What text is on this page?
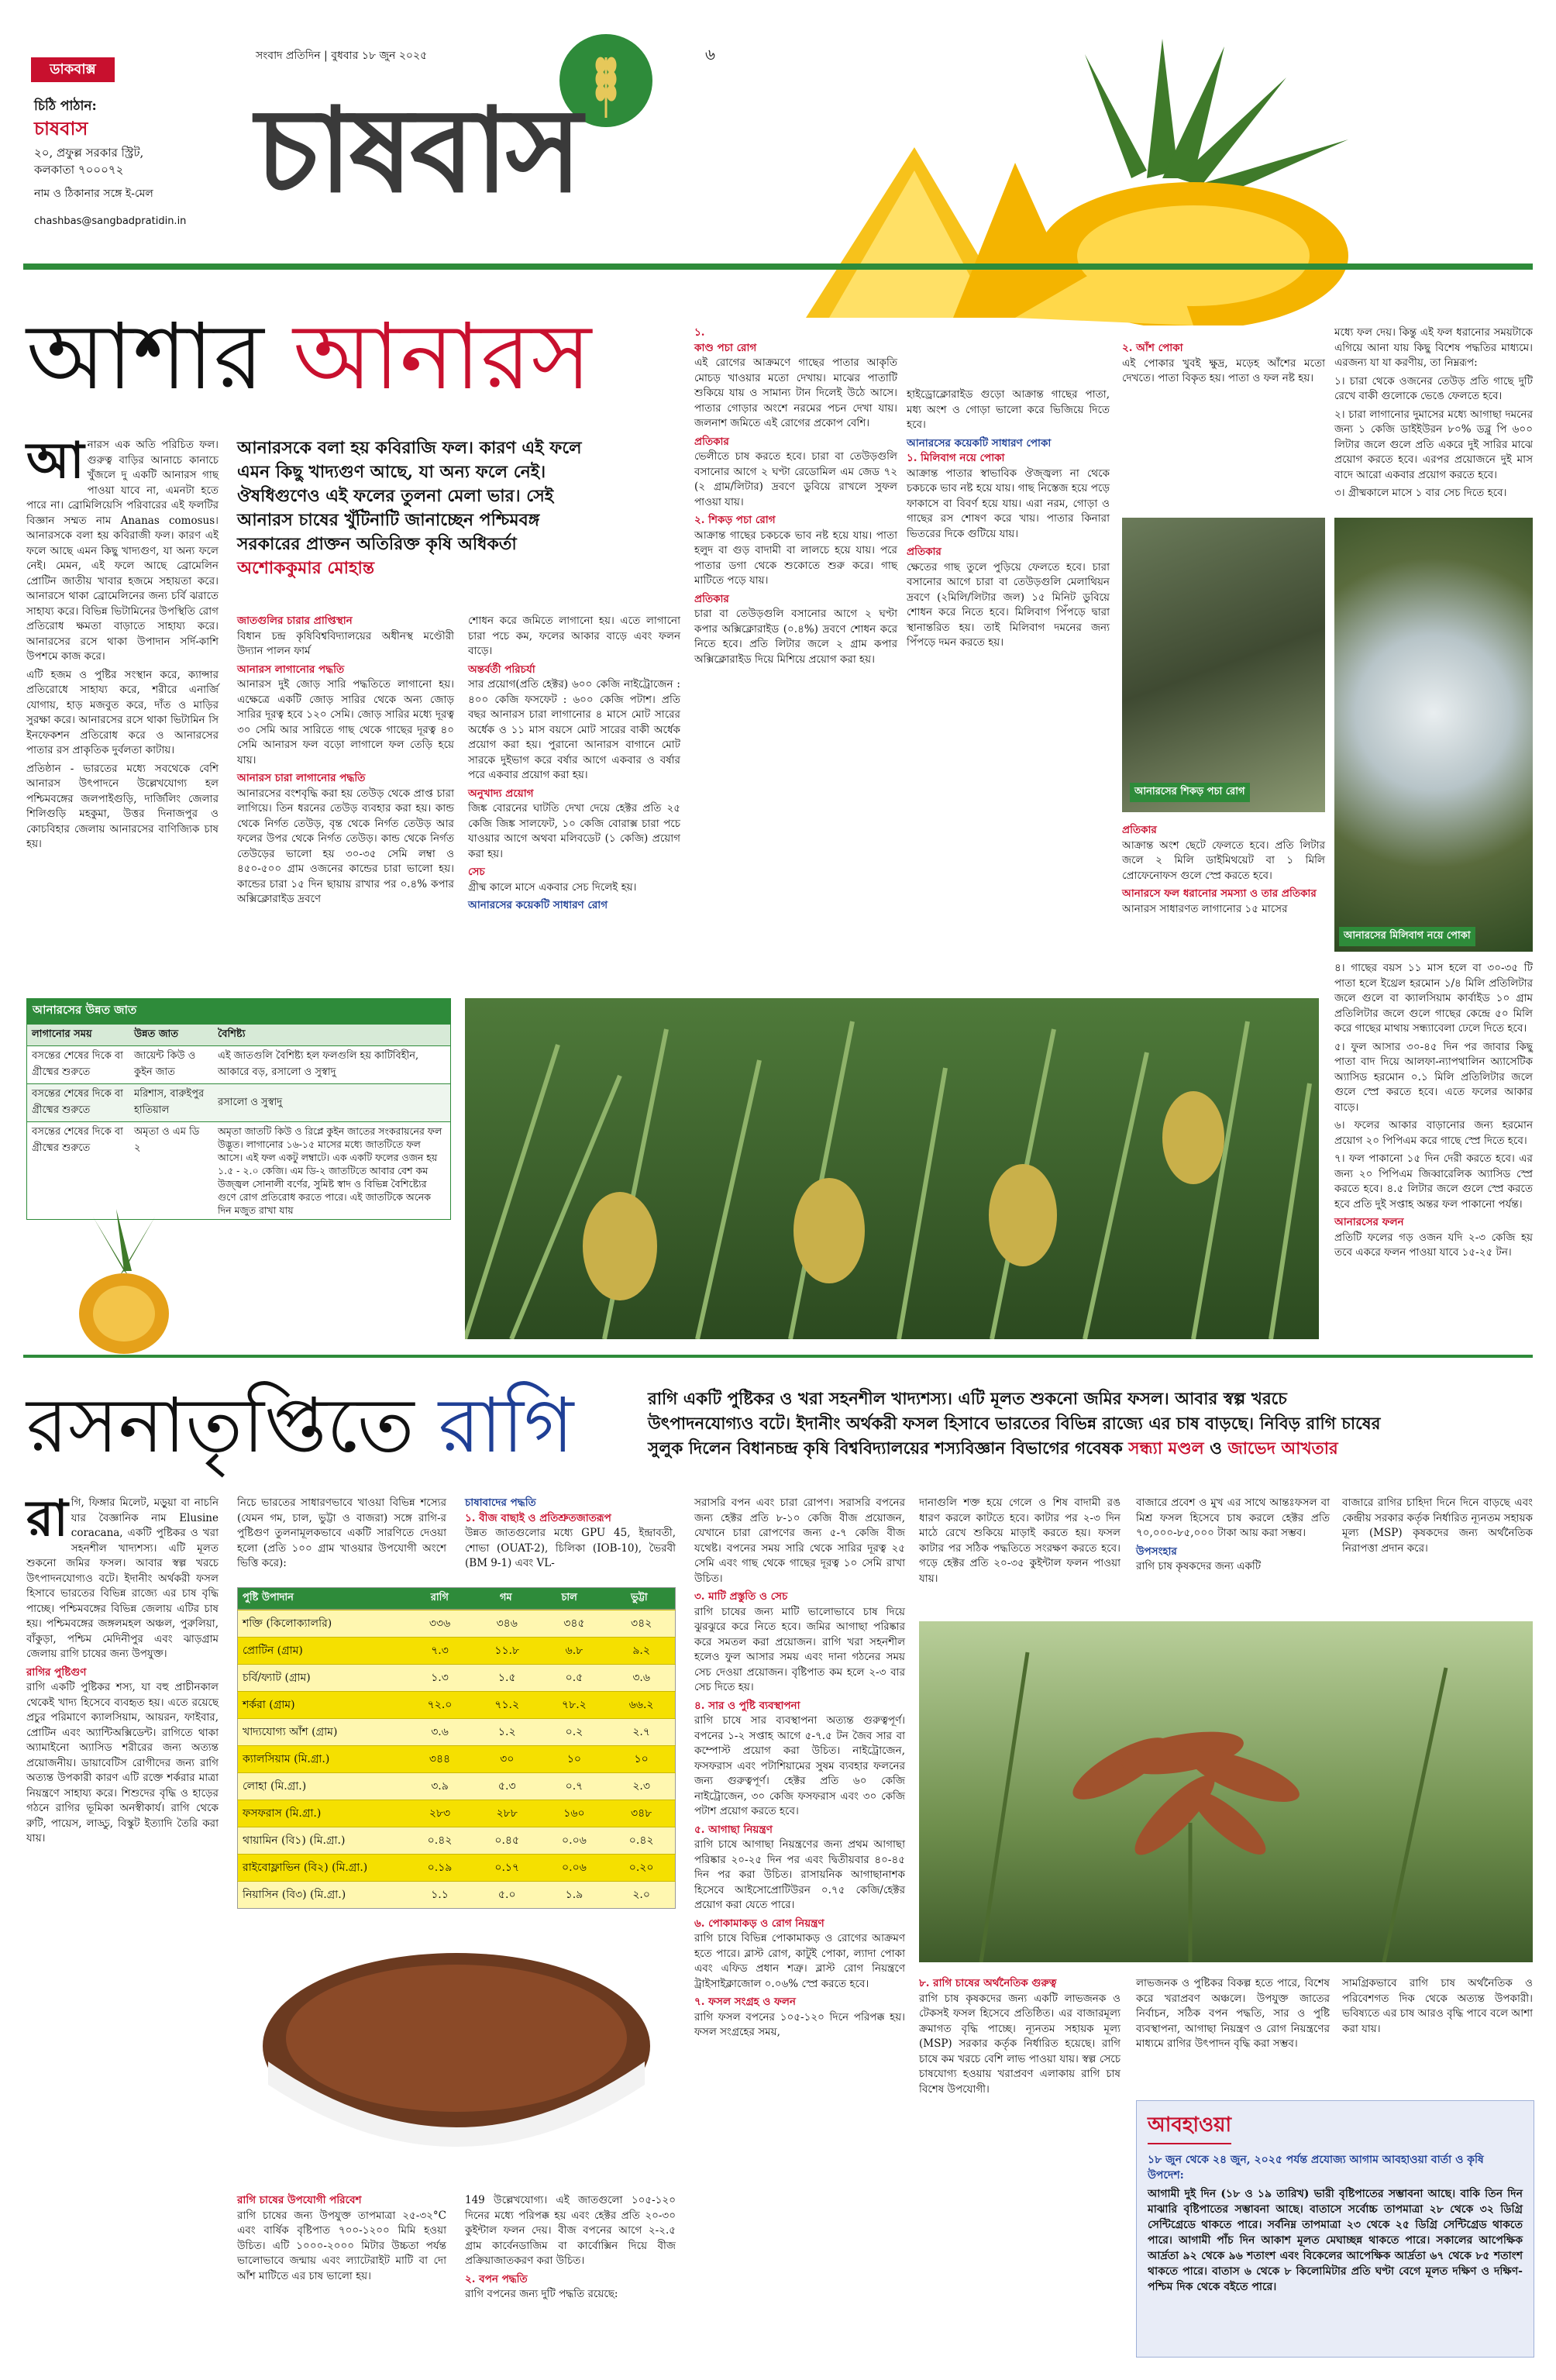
ডাকবাক্স
চিঠি পাঠান:
চাষবাস
২০, প্রফুল্ল সরকার স্ট্রিট,
কলকাতা ৭০০০৭২
নাম ও ঠিকানার সঙ্গে ই-মেল
chashbas@sangbadpratidin.in
সংবাদ প্রতিদিন | বুধবার ১৮ জুন ২০২৫	৬
চাষবাস
আশার আনারস
আনারসকে বলা হয় কবিরাজি ফল। কারণ এই ফলে
এমন কিছু খাদ্যগুণ আছে, যা অন্য ফলে নেই।
ঔষধিগুণেও এই ফলের তুলনা মেলা ভার। সেই
আনারস চাষের খুঁটিনাটি জানাচ্ছেন পশ্চিমবঙ্গ
সরকারের প্রাক্তন অতিরিক্ত কৃষি অধিকর্তা
অশোককুমার মোহান্ত
আ নারস এক অতি পরিচিত ফল। গুরুত্ব বাড়ির আনাচে কানাচে খুঁজলে দু একটি আনারস গাছ পাওয়া যাবে না, এমনটা হতে পারে না। ব্রোমিলিয়েসি পরিবারের এই ফলটির বিজ্ঞান সম্মত নাম Ananas comosus। আনারসকে বলা হয় কবিরাজী ফল। কারণ এই ফলে আছে এমন কিছু খাদ্যগুণ, যা অন্য ফলে নেই। মেমন, এই ফলে আছে ব্রোমেলিন প্রোটিন জাতীয় খাবার হজমে সহায়তা করে। আনারসে থাকা ব্রোমেলিনের জন্য চর্বি ঝরাতে সাহায্য করে। বিভিন্ন ভিটামিনের উপস্থিতি রোগ প্রতিরোধ ক্ষমতা বাড়াতে সাহায্য করে। আনারসের রসে থাকা উপাদান সর্দি-কাশি উপশমে কাজ করে।

এটি হজম ও পুষ্টির সংস্থান করে, ক্যান্সার প্রতিরোধে সাহায্য করে, শরীরে এনার্জি যোগায়, হাড় মজবুত করে, দাঁত ও মাড়ির সুরক্ষা করে। আনারসের রসে থাকা ভিটামিন সি ইনফেকশন প্রতিরোধ করে ও আনারসের পাতার রস প্রাকৃতিক দুর্বলতা কাটায়।

প্রতিষ্ঠান - ভারতের মধ্যে সবথেকে বেশি আনারস উৎপাদনে উল্লেখযোগ্য হল পশ্চিমবঙ্গের জলপাইগুড়ি, দার্জিলিং জেলার শিলিগুড়ি মহকুমা, উত্তর দিনাজপুর ও কোচবিহার জেলায় আনারসের বাণিজ্যিক চাষ হয়।

জাতগুলির চারার প্রাপ্তিস্থান

বিধান চন্দ্র কৃষিবিশ্ববিদ্যালয়ের অধীনস্থ মণ্ডৌরী উদ্যান পালন ফার্ম

আনারস লাগানোর পদ্ধতি

আনারস দুই জোড় সারি পদ্ধতিতে লাগানো হয়। এক্ষেত্রে একটি জোড় সারির থেকে অন্য জোড় সারির দূরত্ব হবে ১২০ সেমি। জোড় সারির মধ্যে দূরত্ব ৩০ সেমি আর সারিতে গাছ থেকে গাছের দূরত্ব ৪০ সেমি আনারস ফল বড়ো লাগালে ফল তেড়ি হয়ে যায়।

আনারস চারা লাগানোর পদ্ধতি

আনারসের বংশবৃদ্ধি করা হয় তেউড় থেকে প্রাপ্ত চারা লাগিয়ে। তিন ধরনের তেউড় ব্যবহার করা হয়। কান্ড থেকে নির্গত তেউড়, বৃন্ত থেকে নির্গত তেউড় আর ফলের উপর থেকে নির্গত তেউড়। কান্ড থেকে নির্গত তেউড়ের ভালো হয় ৩০-৩৫ সেমি লম্বা ও ৪৫০-৫০০ গ্রাম ওজনের কান্ডের চারা ভালো হয়। কান্ডের চারা ১৫ দিন ছায়ায় রাখার পর ০.৪% কপার অক্সিক্লোরাইড দ্রবণে

শোধন করে জমিতে লাগানো হয়। এতে লাগানো চারা পচে কম, ফলের আকার বাড়ে এবং ফলন বাড়ে।

অন্তর্বর্তী পরিচর্যা

সার প্রয়োগ(প্রতি হেক্টর) ৬০০ কেজি নাইট্রোজেন : ৪০০ কেজি ফসফেট : ৬০০ কেজি পটাশ। প্রতি বছর আনারস চারা লাগানোর ৪ মাসে মোট সারের অর্ধেক ও ১১ মাস বয়সে মোট সারের বাকী অর্ধেক প্রয়োগ করা হয়। পুরানো আনারস বাগানে মোট সারকে দুইভাগ করে বর্ষার আগে একবার ও বর্ষার পরে একবার প্রয়োগ করা হয়।

অনুখাদ্য প্রয়োগ

জিঙ্ক বোরনের ঘাটতি দেখা দেয়ে হেক্টর প্রতি ২৫ কেজি জিঙ্ক সালফেট, ১০ কেজি বোরাক্স চারা পচে যাওয়ার আগে অথবা মলিবডেট (১ কেজি) প্রয়োগ করা হয়।

সেচ

গ্রীষ্ম কালে মাসে একবার সেচ দিলেই হয়।

আনারসের কয়েকটি সাধারণ রোগ
১.
কাণ্ড পচা রোগ

এই রোগের আক্রমণে গাছের পাতার আকৃতি মোচড় খাওয়ার মতো দেখায়। মাঝের পাতাটি শুকিয়ে যায় ও সামান্য টান দিলেই উঠে আসে। পাতার গোড়ার অংশে নরমের পচন দেখা যায়। জলনাশ জমিতে এই রোগের প্রকোপ বেশি।

প্রতিকার

ভেলীতে চাষ করতে হবে। চারা বা তেউড়গুলি বসানোর আগে ২ ঘণ্টা রেডোমিল এম জেড ৭২ (২ গ্রাম/লিটার) দ্রবণে ডুবিয়ে রাখলে সুফল পাওয়া যায়।

২. শিকড় পচা রোগ

আক্রান্ত গাছের চকচকে ভাব নষ্ট হয়ে যায়। পাতা হলুদ বা গুড় বাদামী বা লালচে হয়ে যায়। পরে পাতার ডগা থেকে শুকোতে শুরু করে। গাছ মাটিতে পড়ে যায়।

প্রতিকার

চারা বা তেউড়গুলি বসানোর আগে ২ ঘণ্টা কপার অক্সিক্লোরাইড (০.৪%) দ্রবণে শোধন করে নিতে হবে। প্রতি লিটার জলে ২ গ্রাম কপার অক্সিক্লোরাইড দিয়ে মিশিয়ে প্রয়োগ করা হয়।

হাইড্রোক্লোরাইড গুড়ো আক্রান্ত গাছের পাতা, মধ্য অংশ ও গোড়া ভালো করে ভিজিয়ে দিতে হবে।

আনারসের কয়েকটি সাধারণ পোকা
১. মিলিবাগ নয়ে পোকা

আক্রান্ত পাতার স্বাভাবিক ঔজ্জ্বল্য না থেকে চকচকে ভাব নষ্ট হয়ে যায়। গাছ নিস্তেজ হয়ে পড়ে ফাকাসে বা বিবর্ণ হয়ে যায়। এরা নরম, গোড়া ও গাছের রস শোষণ করে খায়। পাতার কিনারা ভিতরের দিকে গুটিয়ে যায়।

প্রতিকার

ক্ষেতের গাছ তুলে পুড়িয়ে ফেলতে হবে। চারা বসানোর আগে চারা বা তেউড়গুলি মেলাথিয়ন দ্রবণে (২মিলি/লিটার জল) ১৫ মিনিট ডুবিয়ে শোধন করে নিতে হবে। মিলিবাগ পিঁপড়ে দ্বারা স্থানান্তরিত হয়। তাই মিলিবাগ দমনের জন্য পিঁপড়ে দমন করতে হয়।

২. আঁশ পোকা

এই পোকার খুবই ক্ষুদ্র, মড়েহ আঁশের মতো দেখতে। পাতা বিকৃত হয়। পাতা ও ফল নষ্ট হয়।

আনারসের শিকড় পচা রোগ
আনারসের মিলিবাগ নয়ে পোকা
প্রতিকার

আক্রান্ত অংশ ছেটে ফেলতে হবে। প্রতি লিটার জলে ২ মিলি ডাইমিথয়েট বা ১ মিলি প্রোফেনোফস গুলে স্প্রে করতে হবে।

আনারসে ফল ধরানোর সমস্যা ও তার প্রতিকার

আনারস সাধারণত লাগানোর ১৫ মাসের

মধ্যে ফল দেয়। কিন্তু এই ফল ধরানোর সময়টাকে এগিয়ে আনা যায় কিছু বিশেষ পদ্ধতির মাধ্যমে। এরজন্য যা যা করণীয়, তা নিম্নরূপ:

১। চারা থেকে ওজনের তেউড় প্রতি গাছে দুটি রেখে বাকী গুলোকে ভেঙে ফেলতে হবে।

২। চারা লাগানোর দুমাসের মধ্যে আগাছা দমনের জন্য ১ কেজি ডাইইউরন ৮০% ডব্লু পি ৬০০ লিটার জলে গুলে প্রতি একরে দুই সারির মাঝে প্রয়োগ করতে হবে। এরপর প্রয়োজনে দুই মাস বাদে আরো একবার প্রয়োগ করতে হবে।

৩। গ্রীষ্মকালে মাসে ১ বার সেচ দিতে হবে।

৪। গাছের বয়স ১১ মাস হলে বা ৩০-৩৫ টি পাতা হলে ইথ্রেল হরমোন ১/৪ মিলি প্রতিলিটার জলে গুলে বা ক্যালসিয়াম কার্বাইড ১০ গ্রাম প্রতিলিটার জলে গুলে গাছের কেন্দ্রে ৫০ মিলি করে গাছের মাথায় সন্ধ্যাবেলা ঢেলে দিতে হবে।

৫। ফুল আসার ৩০-৪৫ দিন পর জাবার কিছু পাতা বাদ দিয়ে আলফা-ন্যাপথালিন অ্যাসেটিক অ্যাসিড হরমোন ০.১ মিলি প্রতিলিটার জলে গুলে স্প্রে করতে হবে। এতে ফলের আকার বাড়ে।

৬। ফলের আকার বাড়ানোর জন্য হরমোন প্রয়োগ ২০ পিপিএম করে গাছে স্প্রে দিতে হবে।

৭। ফল পাকানো ১৫ দিন দেরী করতে হবে। এর জন্য ২০ পিপিএম জিব্বারেলিক অ্যাসিড স্প্রে করতে হবে। ৪.৫ লিটার জলে গুলে স্প্রে করতে হবে প্রতি দুই সপ্তাহ অন্তর ফল পাকানো পর্যন্ত।

আনারসের ফলন

প্রতিটি ফলের গড় ওজন যদি ২-৩ কেজি হয় তবে একরে ফলন পাওয়া যাবে ১৫-২৫ টন।

আনারসের উন্নত জাত
লাগানোর সময়	উন্নত জাত	বৈশিষ্ট্য
বসন্তের শেষের দিকে বা গ্রীষ্মের শুরুতে	জায়েন্ট কিউ ও কুইন জাত	এই জাতগুলি বৈশিষ্ট্য হল ফলগুলি হয় কাটিবিহীন, আকারে বড়, রসালো ও সুস্বাদু
বসন্তের শেষের দিকে বা গ্রীষ্মের শুরুতে	মরিশাস, বারুইপুর হাতিয়াল	রসালো ও সুস্বাদু
বসন্তের শেষের দিকে বা গ্রীষ্মের শুরুতে	অমৃতা ও এম ডি ২	অমৃতা জাতটি কিউ ও রিপ্লে কুইন জাতের সংকরায়নের ফল উদ্ভূত। লাগানোর ১৬-১৫ মাসের মধ্যে জাতটিতে ফল আসে। এই ফল একটু লম্বাটে। এক একটি ফলের ওজন হয় ১.৫ - ২.০ কেজি। এম ডি-২ জাতটিতে আবার বেশ কম উজ্জ্বল সোনালী বর্ণের, সুমিষ্ট স্বাদ ও বিভিন্ন বৈশিষ্ট্যের গুণে রোগ প্রতিরোধ করতে পারে। এই জাতটিকে অনেক দিন মজুত রাখা যায়
রসনাতৃপ্তিতে রাগি	রাগি একটি পুষ্টিকর ও খরা সহনশীল খাদ্যশস্য। এটি মূলত শুকনো জমির ফসল। আবার স্বল্প খরচে
উৎপাদনযোগ্যও বটে। ইদানীং অর্থকরী ফসল হিসাবে ভারতের বিভিন্ন রাজ্যে এর চাষ বাড়ছে। নিবিড় রাগি চাষের
সুলুক দিলেন বিধানচন্দ্র কৃষি বিশ্ববিদ্যালয়ের শস্যবিজ্ঞান বিভাগের গবেষক সন্ধ্যা মণ্ডল ও জাভেদ আখতার
রা গি, ফিঙ্গার মিলেট, মড়ুয়া বা নাচনি যার বৈজ্ঞানিক নাম Elusine coracana, একটি পুষ্টিকর ও খরা সহনশীল খাদ্যশস্য। এটি মূলত শুকনো জমির ফসল। আবার স্বল্প খরচে উৎপাদনযোগ্যও বটে। ইদানীং অর্থকরী ফসল হিসাবে ভারতের বিভিন্ন রাজ্যে এর চাষ বৃদ্ধি পাচ্ছে। পশ্চিমবঙ্গের বিভিন্ন জেলায় এটির চাষ হয়। পশ্চিমবঙ্গের জঙ্গলমহল অঞ্চল, পুরুলিয়া, বাঁকুড়া, পশ্চিম মেদিনীপুর এবং ঝাড়গ্রাম জেলায় রাগি চাষের জন্য উপযুক্ত।

রাগির পুষ্টিগুণ

রাগি একটি পুষ্টিকর শস্য, যা বহু প্রাচীনকাল থেকেই খাদ্য হিসেবে ব্যবহৃত হয়। এতে রয়েছে প্রচুর পরিমাণে ক্যালসিয়াম, আয়রন, ফাইবার, প্রোটিন এবং অ্যান্টিঅক্সিডেন্ট। রাগিতে থাকা অ্যামাইনো অ্যাসিড শরীরের জন্য অত্যন্ত প্রয়োজনীয়। ডায়াবেটিস রোগীদের জন্য রাগি অত্যন্ত উপকারী কারণ এটি রক্তে শর্করার মাত্রা নিয়ন্ত্রণে সাহায্য করে। শিশুদের বৃদ্ধি ও হাড়ের গঠনে রাগির ভূমিকা অনস্বীকার্য। রাগি থেকে রুটি, পায়েস, লাড্ডু, বিস্কুট ইত্যাদি তৈরি করা যায়।

নিচে ভারতের সাধারণভাবে খাওয়া বিভিন্ন শস্যের (যেমন গম, চাল, ভুট্টা ও বাজরা) সঙ্গে রাগি-র পুষ্টিগুণ তুলনামূলকভাবে একটি সারণিতে দেওয়া হলো (প্রতি ১০০ গ্রাম খাওয়ার উপযোগী অংশে ভিত্তি করে):

পুষ্টি উপাদান	রাগি	গম	চাল	ভুট্টা
শক্তি (কিলোক্যালরি)	৩৩৬	৩৪৬	৩৪৫	৩৪২
প্রোটিন (গ্রাম)	৭.৩	১১.৮	৬.৮	৯.২
চর্বি/ফ্যাট (গ্রাম)	১.৩	১.৫	০.৫	৩.৬
শর্করা (গ্রাম)	৭২.০	৭১.২	৭৮.২	৬৬.২
খাদ্যযোগ্য আঁশ (গ্রাম)	৩.৬	১.২	০.২	২.৭
ক্যালসিয়াম (মি.গ্রা.)	৩৪৪	৩০	১০	১০
লোহা (মি.গ্রা.)	৩.৯	৫.৩	০.৭	২.৩
ফসফরাস (মি.গ্রা.)	২৮৩	২৮৮	১৬০	৩৪৮
থায়ামিন (বি১) (মি.গ্রা.)	০.৪২	০.৪৫	০.০৬	০.৪২
রাইবোফ্লাভিন (বি২) (মি.গ্রা.)	০.১৯	০.১৭	০.০৬	০.২০
নিয়াসিন (বি৩) (মি.গ্রা.)	১.১	৫.০	১.৯	২.০
রাগি চাষের উপযোগী পরিবেশ

রাগি চাষের জন্য উপযুক্ত তাপমাত্রা ২৫-৩২°C এবং বার্ষিক বৃষ্টিপাত ৭০০-১২০০ মিমি হওয়া উচিত। এটি ১০০০-২০০০ মিটার উচ্চতা পর্যন্ত ভালোভাবে জন্মায় এবং ল্যাটেরাইট মাটি বা দো আঁশ মাটিতে এর চাষ ভালো হয়।

চাষাবাদের পদ্ধতি
১. বীজ বাছাই ও প্রতিশ্রুতজাতরূপ

উন্নত জাতগুলোর মধ্যে GPU 45, ইন্দ্রাবতী, শোভা (OUAT-2), চিলিকা (IOB-10), ভৈরবী (BM 9-1) এবং VL-

149 উল্লেখযোগ্য। এই জাতগুলো ১০৫-১২০ দিনের মধ্যে পরিপক্ক হয় এবং হেক্টর প্রতি ২০-৩০ কুইন্টাল ফলন দেয়। বীজ বপনের আগে ২-২.৫ গ্রাম কার্বেনডাজিম বা কার্বোক্সিন দিয়ে বীজ প্রক্রিয়াজাতকরণ করা উচিত।

২. বপন পদ্ধতি

রাগি বপনের জন্য দুটি পদ্ধতি রয়েছে:

সরাসরি বপন এবং চারা রোপণ। সরাসরি বপনের জন্য হেক্টর প্রতি ৮-১০ কেজি বীজ প্রয়োজন, যেখানে চারা রোপণের জন্য ৫-৭ কেজি বীজ যথেষ্ট। বপনের সময় সারি থেকে সারির দূরত্ব ২৫ সেমি এবং গাছ থেকে গাছের দূরত্ব ১০ সেমি রাখা উচিত।

৩. মাটি প্রস্তুতি ও সেচ

রাগি চাষের জন্য মাটি ভালোভাবে চাষ দিয়ে ঝুরঝুরে করে নিতে হবে। জমির আগাছা পরিষ্কার করে সমতল করা প্রয়োজন। রাগি খরা সহনশীল হলেও ফুল আসার সময় এবং দানা গঠনের সময় সেচ দেওয়া প্রয়োজন। বৃষ্টিপাত কম হলে ২-৩ বার সেচ দিতে হয়।

৪. সার ও পুষ্টি ব্যবস্থাপনা

রাগি চাষে সার ব্যবস্থাপনা অত্যন্ত গুরুত্বপূর্ণ। বপনের ১-২ সপ্তাহ আগে ৫-৭.৫ টন জৈব সার বা কম্পোস্ট প্রয়োগ করা উচিত। নাইট্রোজেন, ফসফরাস এবং পটাশিয়ামের সুষম ব্যবহার ফলনের জন্য গুরুত্বপূর্ণ। হেক্টর প্রতি ৬০ কেজি নাইট্রোজেন, ৩০ কেজি ফসফরাস এবং ৩০ কেজি পটাশ প্রয়োগ করতে হবে।

৫. আগাছা নিয়ন্ত্রণ

রাগি চাষে আগাছা নিয়ন্ত্রণের জন্য প্রথম আগাছা পরিষ্কার ২০-২৫ দিন পর এবং দ্বিতীয়বার ৪০-৪৫ দিন পর করা উচিত। রাসায়নিক আগাছানাশক হিসেবে আইসোপ্রোটিউরন ০.৭৫ কেজি/হেক্টর প্রয়োগ করা যেতে পারে।

৬. পোকামাকড় ও রোগ নিয়ন্ত্রণ

রাগি চাষে বিভিন্ন পোকামাকড় ও রোগের আক্রমণ হতে পারে। ব্লাস্ট রোগ, কাটুই পোকা, ল্যাদা পোকা এবং এফিড প্রধান শত্রু। ব্লাস্ট রোগ নিয়ন্ত্রণে ট্রাইসাইক্লাজোল ০.০৬% স্প্রে করতে হবে।

৭. ফসল সংগ্রহ ও ফলন

রাগি ফসল বপনের ১০৫-১২০ দিনে পরিপক্ক হয়। ফসল সংগ্রহের সময়,

দানাগুলি শক্ত হয়ে গেলে ও শিষ বাদামী রঙ ধারণ করলে কাটতে হবে। কাটার পর ২-৩ দিন মাঠে রেখে শুকিয়ে মাড়াই করতে হয়। ফসল কাটার পর সঠিক পদ্ধতিতে সংরক্ষণ করতে হবে। গড়ে হেক্টর প্রতি ২০-৩৫ কুইন্টাল ফলন পাওয়া যায়।

বাজারে প্রবেশ ও মুখ এর সাথে আন্তঃফসল বা মিশ্র ফসল হিসেবে চাষ করলে হেক্টর প্রতি ৭০,০০০-৮৫,০০০ টাকা আয় করা সম্ভব।

উপসংহার

রাগি চাষ কৃষকদের জন্য একটি

বাজারে রাগির চাহিদা দিনে দিনে বাড়ছে এবং কেন্দ্রীয় সরকার কর্তৃক নির্ধারিত ন্যূনতম সহায়ক মূল্য (MSP) কৃষকদের জন্য অর্থনৈতিক নিরাপত্তা প্রদান করে।

৮. রাগি চাষের অর্থনৈতিক গুরুত্ব

রাগি চাষ কৃষকদের জন্য একটি লাভজনক ও টেকসই ফসল হিসেবে প্রতিষ্ঠিত। এর বাজারমূল্য ক্রমাগত বৃদ্ধি পাচ্ছে। ন্যূনতম সহায়ক মূল্য (MSP) সরকার কর্তৃক নির্ধারিত হয়েছে। রাগি চাষে কম খরচে বেশি লাভ পাওয়া যায়। স্বল্প সেচে চাষযোগ্য হওয়ায় খরাপ্রবণ এলাকায় রাগি চাষ বিশেষ উপযোগী।

লাভজনক ও পুষ্টিকর বিকল্প হতে পারে, বিশেষ করে খরাপ্রবণ অঞ্চলে। উপযুক্ত জাতের নির্বাচন, সঠিক বপন পদ্ধতি, সার ও পুষ্টি ব্যবস্থাপনা, আগাছা নিয়ন্ত্রণ ও রোগ নিয়ন্ত্রণের মাধ্যমে রাগির উৎপাদন বৃদ্ধি করা সম্ভব।

সামগ্রিকভাবে রাগি চাষ অর্থনৈতিক ও পরিবেশগত দিক থেকে অত্যন্ত উপকারী। ভবিষ্যতে এর চাষ আরও বৃদ্ধি পাবে বলে আশা করা যায়।

আবহাওয়া
১৮ জুন থেকে ২৪ জুন, ২০২৫ পর্যন্ত প্রযোজ্য আগাম আবহাওয়া বার্তা ও কৃষি উপদেশ:
আগামী দুই দিন (১৮ ও ১৯ তারিখ) ভারী বৃষ্টিপাতের সম্ভাবনা আছে। বাকি তিন দিন মাঝারি বৃষ্টিপাতের সম্ভাবনা আছে। বাতাসে সর্বোচ্চ তাপমাত্রা ২৮ থেকে ৩২ ডিগ্রি সেন্টিগ্রেডে থাকতে পারে। সর্বনিম্ন তাপমাত্রা ২৩ থেকে ২৫ ডিগ্রি সেন্টিগ্রেড থাকতে পারে। আগামী পাঁচ দিন আকাশ মূলত মেঘাচ্ছন্ন থাকতে পারে। সকালের আপেক্ষিক আর্দ্রতা ৯২ থেকে ৯৬ শতাংশ এবং বিকেলের আপেক্ষিক আর্দ্রতা ৬৭ থেকে ৮৫ শতাংশ থাকতে পারে। বাতাস ৬ থেকে ৮ কিলোমিটার প্রতি ঘণ্টা বেগে মূলত দক্ষিণ ও দক্ষিণ-পশ্চিম দিক থেকে বইতে পারে।
